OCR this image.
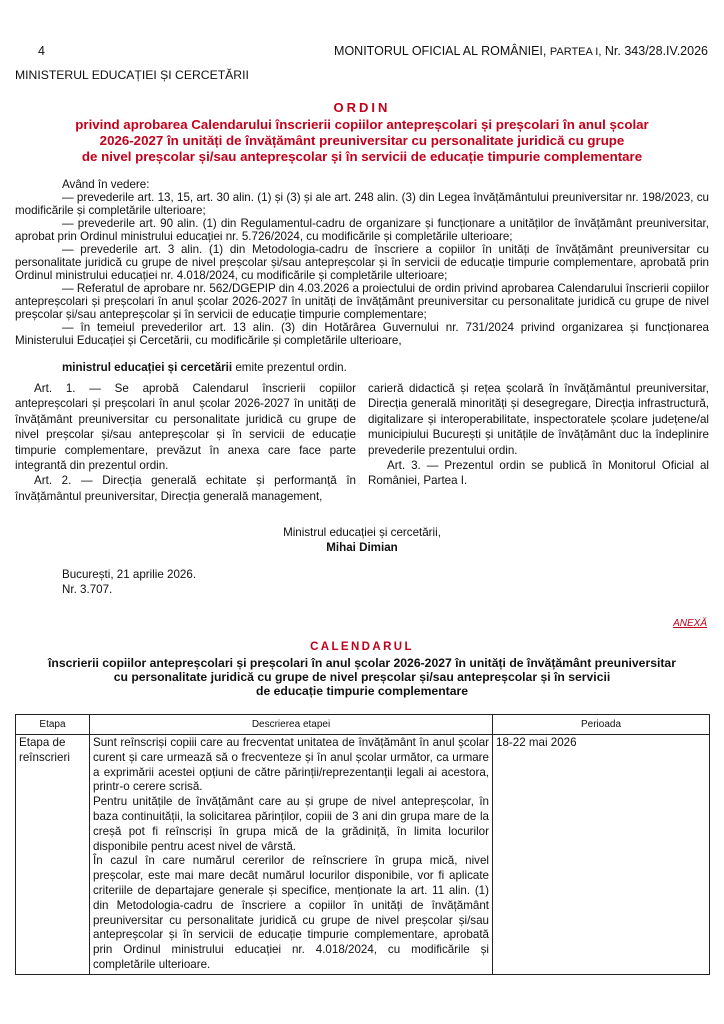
4	MONITORUL OFICIAL AL ROMÂNIEI, PARTEA I, Nr. 343/28.IV.2026
MINISTERUL EDUCAȚIEI ȘI CERCETĂRII
ORDIN
privind aprobarea Calendarului înscrierii copiilor antepreșcolari și preșcolari în anul școlar
2026-2027 în unități de învățământ preuniversitar cu personalitate juridică cu grupe
de nivel preșcolar și/sau antepreșcolar și în servicii de educație timpurie complementare

Având în vedere:

— prevederile art. 13, 15, art. 30 alin. (1) și (3) și ale art. 248 alin. (3) din Legea învățământului preuniversitar nr. 198/2023, cu modificările și completările ulterioare;

— prevederile art. 90 alin. (1) din Regulamentul-cadru de organizare și funcționare a unităților de învățământ preuniversitar, aprobat prin Ordinul ministrului educației nr. 5.726/2024, cu modificările și completările ulterioare;

— prevederile art. 3 alin. (1) din Metodologia-cadru de înscriere a copiilor în unități de învățământ preuniversitar cu personalitate juridică cu grupe de nivel preșcolar și/sau antepreșcolar și în servicii de educație timpurie complementare, aprobată prin Ordinul ministrului educației nr. 4.018/2024, cu modificările și completările ulterioare;

— Referatul de aprobare nr. 562/DGEPIP din 4.03.2026 a proiectului de ordin privind aprobarea Calendarului înscrierii copiilor antepreșcolari și preșcolari în anul școlar 2026-2027 în unități de învățământ preuniversitar cu personalitate juridică cu grupe de nivel preșcolar și/sau antepreșcolar și în servicii de educație timpurie complementare;

— în temeiul prevederilor art. 13 alin. (3) din Hotărârea Guvernului nr. 731/2024 privind organizarea și funcționarea Ministerului Educației și Cercetării, cu modificările și completările ulterioare,

ministrul educației și cercetării emite prezentul ordin.

Art. 1. — Se aprobă Calendarul înscrierii copiilor antepreșcolari și preșcolari în anul școlar 2026-2027 în unități de învățământ preuniversitar cu personalitate juridică cu grupe de nivel preșcolar și/sau antepreșcolar și în servicii de educație timpurie complementare, prevăzut în anexa care face parte integrantă din prezentul ordin.

Art. 2. — Direcția generală echitate și performanță în învățământul preuniversitar, Direcția generală management,

carieră didactică și rețea școlară în învățământul preuniversitar, Direcția generală minorități și desegregare, Direcția infrastructură, digitalizare și interoperabilitate, inspectoratele școlare județene/al municipiului București și unitățile de învățământ duc la îndeplinire prevederile prezentului ordin.

Art. 3. — Prezentul ordin se publică în Monitorul Oficial al României, Partea I.

Ministrul educației și cercetării,
Mihai Dimian
București, 21 aprilie 2026.
Nr. 3.707.
ANEXĂ
CALENDARUL
înscrierii copiilor antepreșcolari și preșcolari în anul școlar 2026-2027 în unități de învățământ preuniversitar
cu personalitate juridică cu grupe de nivel preșcolar și/sau antepreșcolar și în servicii
de educație timpurie complementare
Etapa	Descrierea etapei	Perioada
Etapa de reînscrieri	Sunt reînscriși copiii care au frecventat unitatea de învățământ în anul școlar curent și care urmează să o frecventeze și în anul școlar următor, ca urmare a exprimării acestei opțiuni de către părinții/reprezentanții legali ai acestora, printr-o cerere scrisă.

Pentru unitățile de învățământ care au și grupe de nivel antepreșcolar, în baza continuității, la solicitarea părinților, copiii de 3 ani din grupa mare de la creșă pot fi reînscriși în grupa mică de la grădiniță, în limita locurilor disponibile pentru acest nivel de vârstă.

În cazul în care numărul cererilor de reînscriere în grupa mică, nivel preșcolar, este mai mare decât numărul locurilor disponibile, vor fi aplicate criteriile de departajare generale și specifice, menționate la art. 11 alin. (1) din Metodologia-cadru de înscriere a copiilor în unități de învățământ preuniversitar cu personalitate juridică cu grupe de nivel preșcolar și/sau antepreșcolar și în servicii de educație timpurie complementare, aprobată prin Ordinul ministrului educației nr. 4.018/2024, cu modificările și completările ulterioare.	18-22 mai 2026
